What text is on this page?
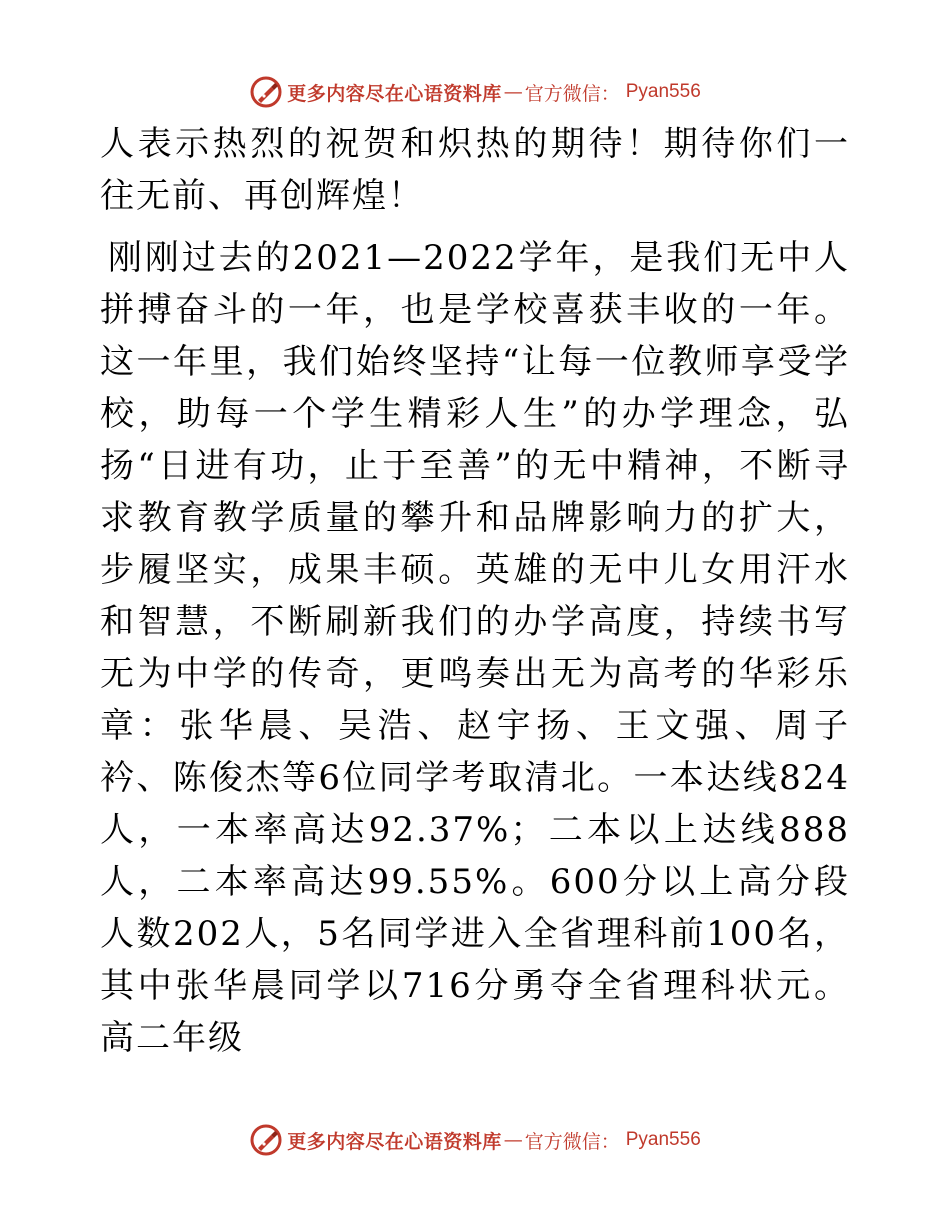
更多内容尽在心语资料库 — 官方微信： Pyan556

人表示热烈的祝贺和炽热的期待！期待你们一往无前、再创辉煌！

刚刚过去的2021—2022学年，是我们无中人拼搏奋斗的一年，也是学校喜获丰收的一年。这一年里，我们始终坚持“让每一位教师享受学校，助每一个学生精彩人生”的办学理念，弘扬“日进有功，止于至善”的无中精神，不断寻求教育教学质量的攀升和品牌影响力的扩大，步履坚实，成果丰硕。英雄的无中儿女用汗水和智慧，不断刷新我们的办学高度，持续书写无为中学的传奇，更鸣奏出无为高考的华彩乐章：张华晨、吴浩、赵宇扬、王文强、周子衿、陈俊杰等6位同学考取清北。一本达线824人，一本率高达92.37%；二本以上达线888人，二本率高达99.55%。600分以上高分段人数202人，5名同学进入全省理科前100名，其中张华晨同学以716分勇夺全省理科状元。高二年级

更多内容尽在心语资料库 — 官方微信： Pyan556
